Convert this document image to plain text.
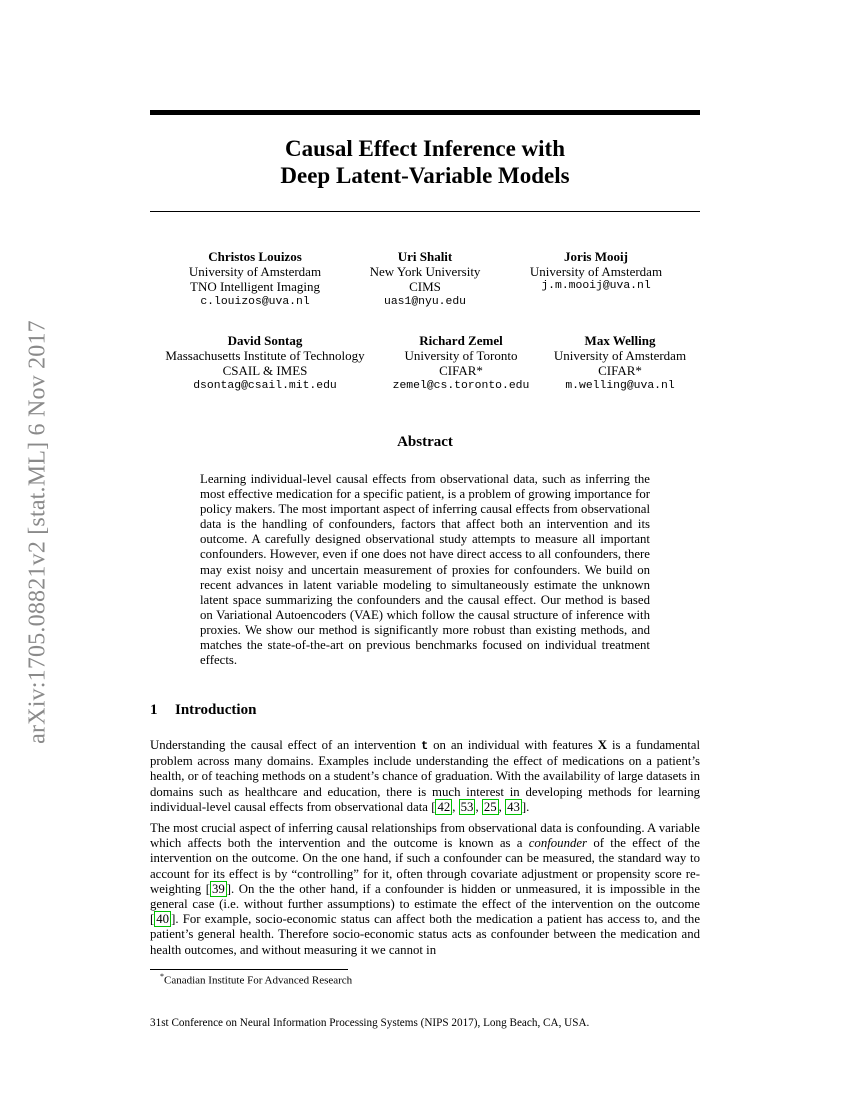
arXiv:1705.08821v2 [stat.ML] 6 Nov 2017
Causal Effect Inference with
Deep Latent-Variable Models
Christos Louizos
University of Amsterdam
TNO Intelligent Imaging
c.louizos@uva.nl
Uri Shalit
New York University
CIMS
uas1@nyu.edu
Joris Mooij
University of Amsterdam
j.m.mooij@uva.nl
David Sontag
Massachusetts Institute of Technology
CSAIL & IMES
dsontag@csail.mit.edu
Richard Zemel
University of Toronto
CIFAR*
zemel@cs.toronto.edu
Max Welling
University of Amsterdam
CIFAR*
m.welling@uva.nl
Abstract
Learning individual-level causal effects from observational data, such as inferring the most effective medication for a specific patient, is a problem of growing importance for policy makers. The most important aspect of inferring causal effects from observational data is the handling of confounders, factors that affect both an intervention and its outcome. A carefully designed observational study attempts to measure all important confounders. However, even if one does not have direct access to all confounders, there may exist noisy and uncertain measurement of proxies for confounders. We build on recent advances in latent variable modeling to simultaneously estimate the unknown latent space summarizing the confounders and the causal effect. Our method is based on Variational Autoencoders (VAE) which follow the causal structure of inference with proxies. We show our method is significantly more robust than existing methods, and matches the state-of-the-art on previous benchmarks focused on individual treatment effects.
1 Introduction
Understanding the causal effect of an intervention t on an individual with features X is a fundamental problem across many domains. Examples include understanding the effect of medications on a patient’s health, or of teaching methods on a student’s chance of graduation. With the availability of large datasets in domains such as healthcare and education, there is much interest in developing methods for learning individual-level causal effects from observational data [ 42 , 53 , 25 , 43 ].
The most crucial aspect of inferring causal relationships from observational data is confounding. A variable which affects both the intervention and the outcome is known as a confounder of the effect of the intervention on the outcome. On the one hand, if such a confounder can be measured, the standard way to account for its effect is by “controlling” for it, often through covariate adjustment or propensity score re-weighting [ 39 ]. On the the other hand, if a confounder is hidden or unmeasured, it is impossible in the general case (i.e. without further assumptions) to estimate the effect of the intervention on the outcome [ 40 ]. For example, socio-economic status can affect both the medication a patient has access to, and the patient’s general health. Therefore socio-economic status acts as confounder between the medication and health outcomes, and without measuring it we cannot in
*Canadian Institute For Advanced Research
31st Conference on Neural Information Processing Systems (NIPS 2017), Long Beach, CA, USA.
